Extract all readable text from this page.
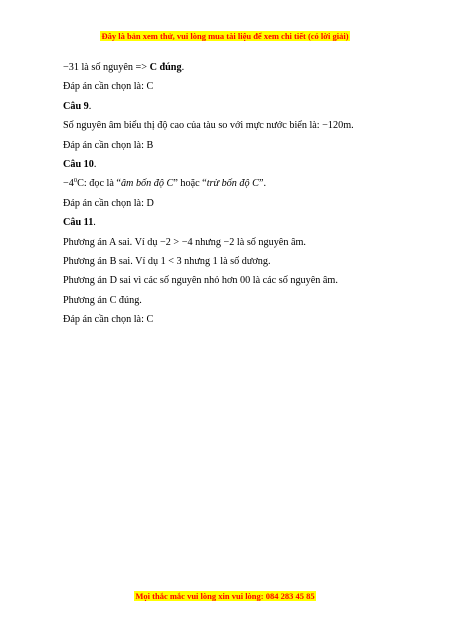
Đây là bản xem thử, vui lòng mua tài liệu để xem chi tiết (có lời giải)
−31 là số nguyên => C đúng.
Đáp án cần chọn là: C
Câu 9.
Số nguyên âm biểu thị độ cao của tàu so với mực nước biển là: −120m.
Đáp án cần chọn là: B
Câu 10.
$-4^0C$: đọc là “âm bốn độ C” hoặc “trừ bốn độ C”.
Đáp án cần chọn là: D
Câu 11.
Phương án A sai. Ví dụ −2 > −4 nhưng −2 là số nguyên âm.
Phương án B sai. Ví dụ 1 < 3 nhưng 1 là số dương.
Phương án D sai vì các số nguyên nhỏ hơn 00 là các số nguyên âm.
Phương án C đúng.
Đáp án cần chọn là: C
Mọi thắc mắc vui lòng xin vui lòng: 084 283 45 85
